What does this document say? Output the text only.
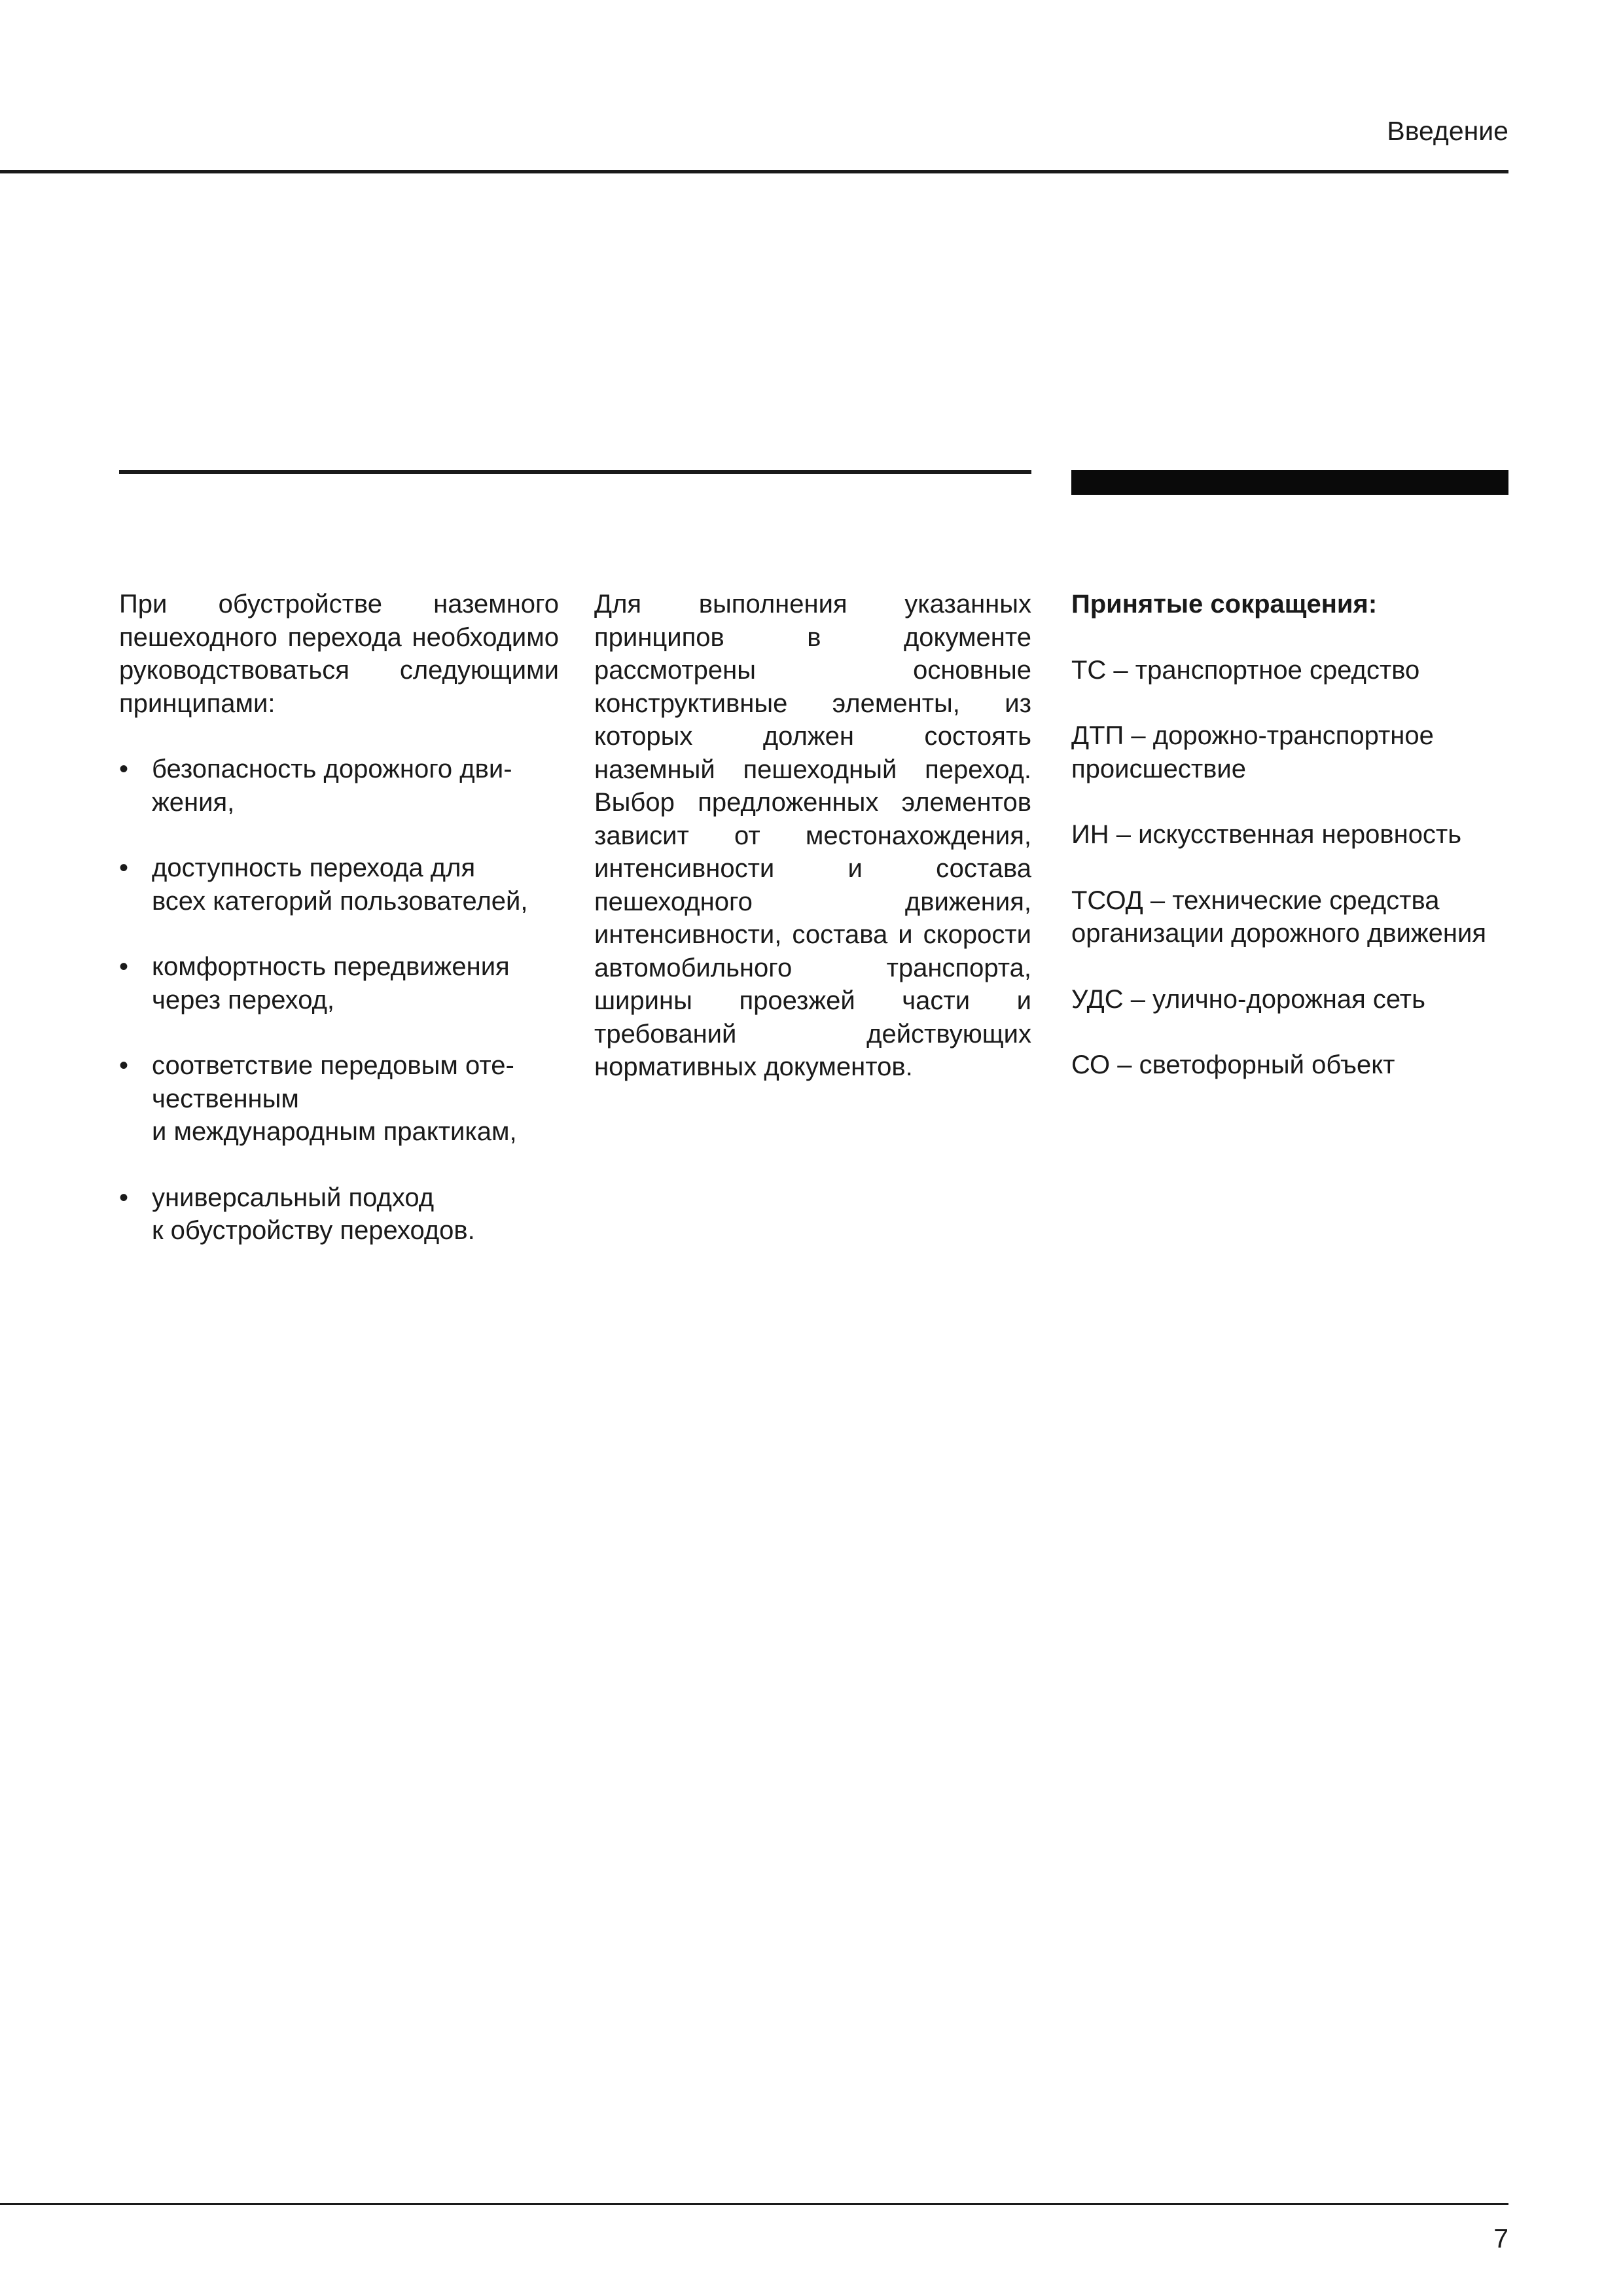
Введение

При обустройстве наземного пешеходного перехода необходимо руководствоваться следующими принципами:

• безопасность дорожного дви-
жения,
• доступность перехода для
всех категорий пользователей,
• комфортность передвижения
через переход,
• соответствие передовым оте-
чественным
и международным практикам,
• универсальный подход
к обустройству переходов.

Для выполнения указанных принципов в документе рассмотрены основные конструктивные элементы, из которых должен состоять наземный пешеходный переход. Выбор предложенных элементов зависит от местонахождения, интенсивности и состава пешеходного движения, интенсивности, состава и скорости автомобильного транспорта, ширины проезжей части и требований действующих нормативных документов.

Принятые сокращения:
ТС – транспортное средство
ДТП – дорожно-транспортное происшествие
ИН – искусственная неровность
ТСОД – технические средства организации дорожного движения
УДС – улично-дорожная сеть
СО – светофорный объект
7
